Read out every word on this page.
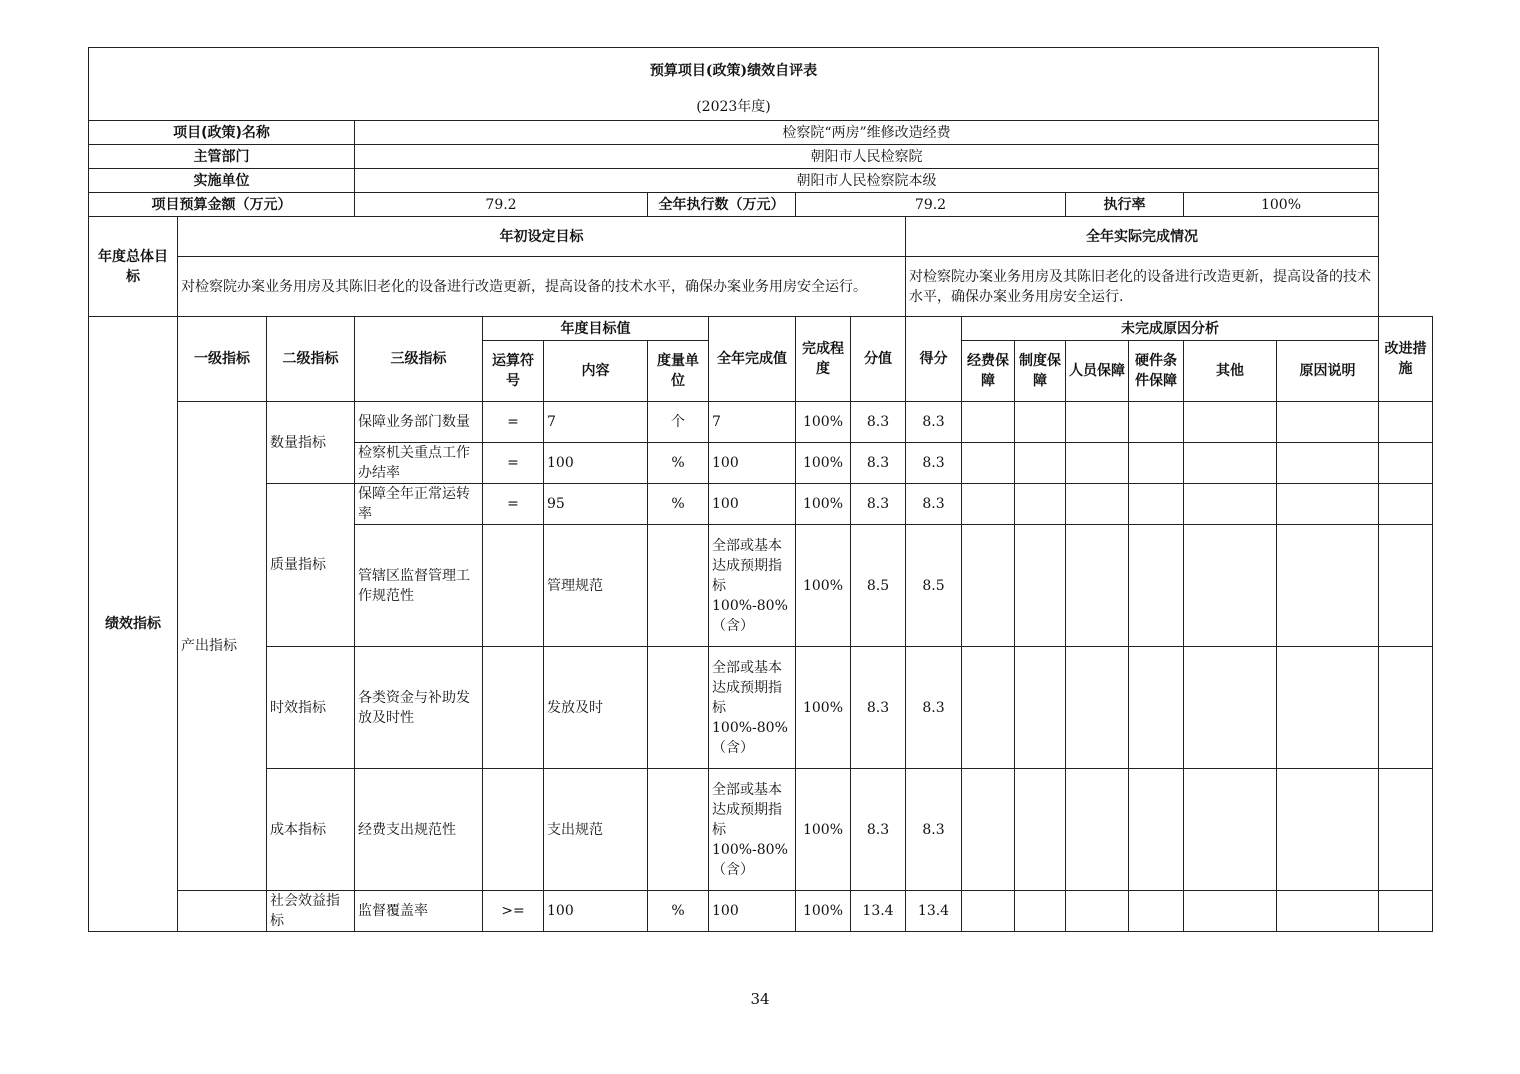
预算项目(政策)绩效自评表																	
(2023年度)																	
项目(政策)名称			检察院“两房”维修改造经费														
主管部门			朝阳市人民检察院														
实施单位			朝阳市人民检察院本级														
项目预算金额（万元）			79.2			全年执行数（万元）		79.2					执行率		100%		
年度总体目标	年初设定目标									全年实际完成情况							
	对检察院办案业务用房及其陈旧老化的设备进行改造更新，提高设备的技术水平，确保办案业务用房安全运行。									对检察院办案业务用房及其陈旧老化的设备进行改造更新，提高设备的技术水平，确保办案业务用房安全运行.							
绩效指标	一级指标	二级指标	三级指标	年度目标值			全年完成值	完成程度	分值	得分	未完成原因分析						改进措施
				运算符号	内容	度量单位					经费保障	制度保障	人员保障	硬件条件保障	其他	原因说明	
	产出指标	数量指标	保障业务部门数量	=	7	个	7	100%	8.3	8.3							
			检察机关重点工作办结率	=	100	%	100	100%	8.3	8.3							
		质量指标	保障全年正常运转率	=	95	%	100	100%	8.3	8.3							
			管辖区监督管理工作规范性		管理规范		全部或基本达成预期指标100%-80%（含）	100%	8.5	8.5							
		时效指标	各类资金与补助发放及时性		发放及时		全部或基本达成预期指标100%-80%（含）	100%	8.3	8.3							
		成本指标	经费支出规范性		支出规范		全部或基本达成预期指标100%-80%（含）	100%	8.3	8.3							
		社会效益指标	监督覆盖率	>=	100	%	100	100%	13.4	13.4							
34
